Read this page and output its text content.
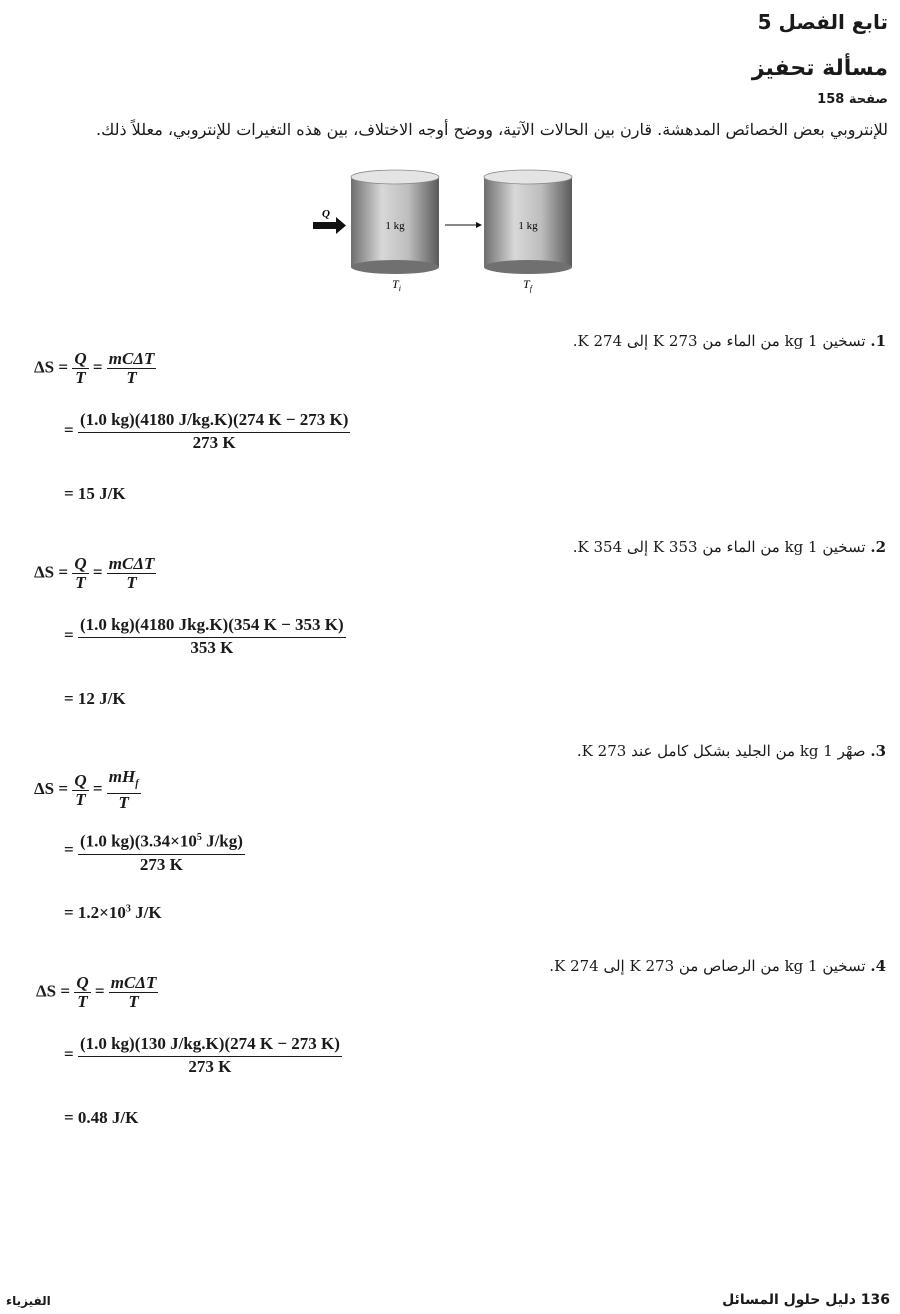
تابع الفصل 5
مسألة تحفيز
صفحة 158
للإنتروبي بعض الخصائص المدهشة. قارن بين الحالات الآتية، ووضح أوجه الاختلاف، بين هذه التغيرات للإنتروبي، معللاً ذلك.
Q
1 kg	1 kg
$T_i$	$T_f$
1. تسخين 1 kg من الماء من 273 K إلى 274 K.
$\Delta S = \frac{Q}{T} = \frac{\text{mCΔT}}{T}$
= $\frac{(1.0 kg)(4180 J/kg.K)(274 K - 273 K)}{273 K}$
= 15 J/K
2. تسخين 1 kg من الماء من 353 K إلى 354 K.
$\Delta S = \frac{Q}{T} = \frac{\text{mCΔT}}{T}$
= $\frac{\text{(1.0 kg)(4180 Jkg.K)(354 K − 353 K)}}{353 K}$
= 12 J/K
3. صهْر 1 kg من الجليد بشكل كامل عند 273 K.
$\Delta S = \frac{Q}{T} = \frac{mH_f}{T}$
= $\frac{(1.0 kg)(3.34\times 10^5 J/kg)}{273 K}$
= $1.2\times 10^3$ J/K
4. تسخين 1 kg من الرصاص من 273 K إلى 274 K.
$\Delta S = \frac{Q}{T} = \frac{\text{mCΔT}}{T}$
= $\frac{(1.0 kg)(130 J/kg.K)(274 K - 273 K)}{273 K}$
= 0.48 J/K
136 دليل حلول المسائل
الفيزياء
